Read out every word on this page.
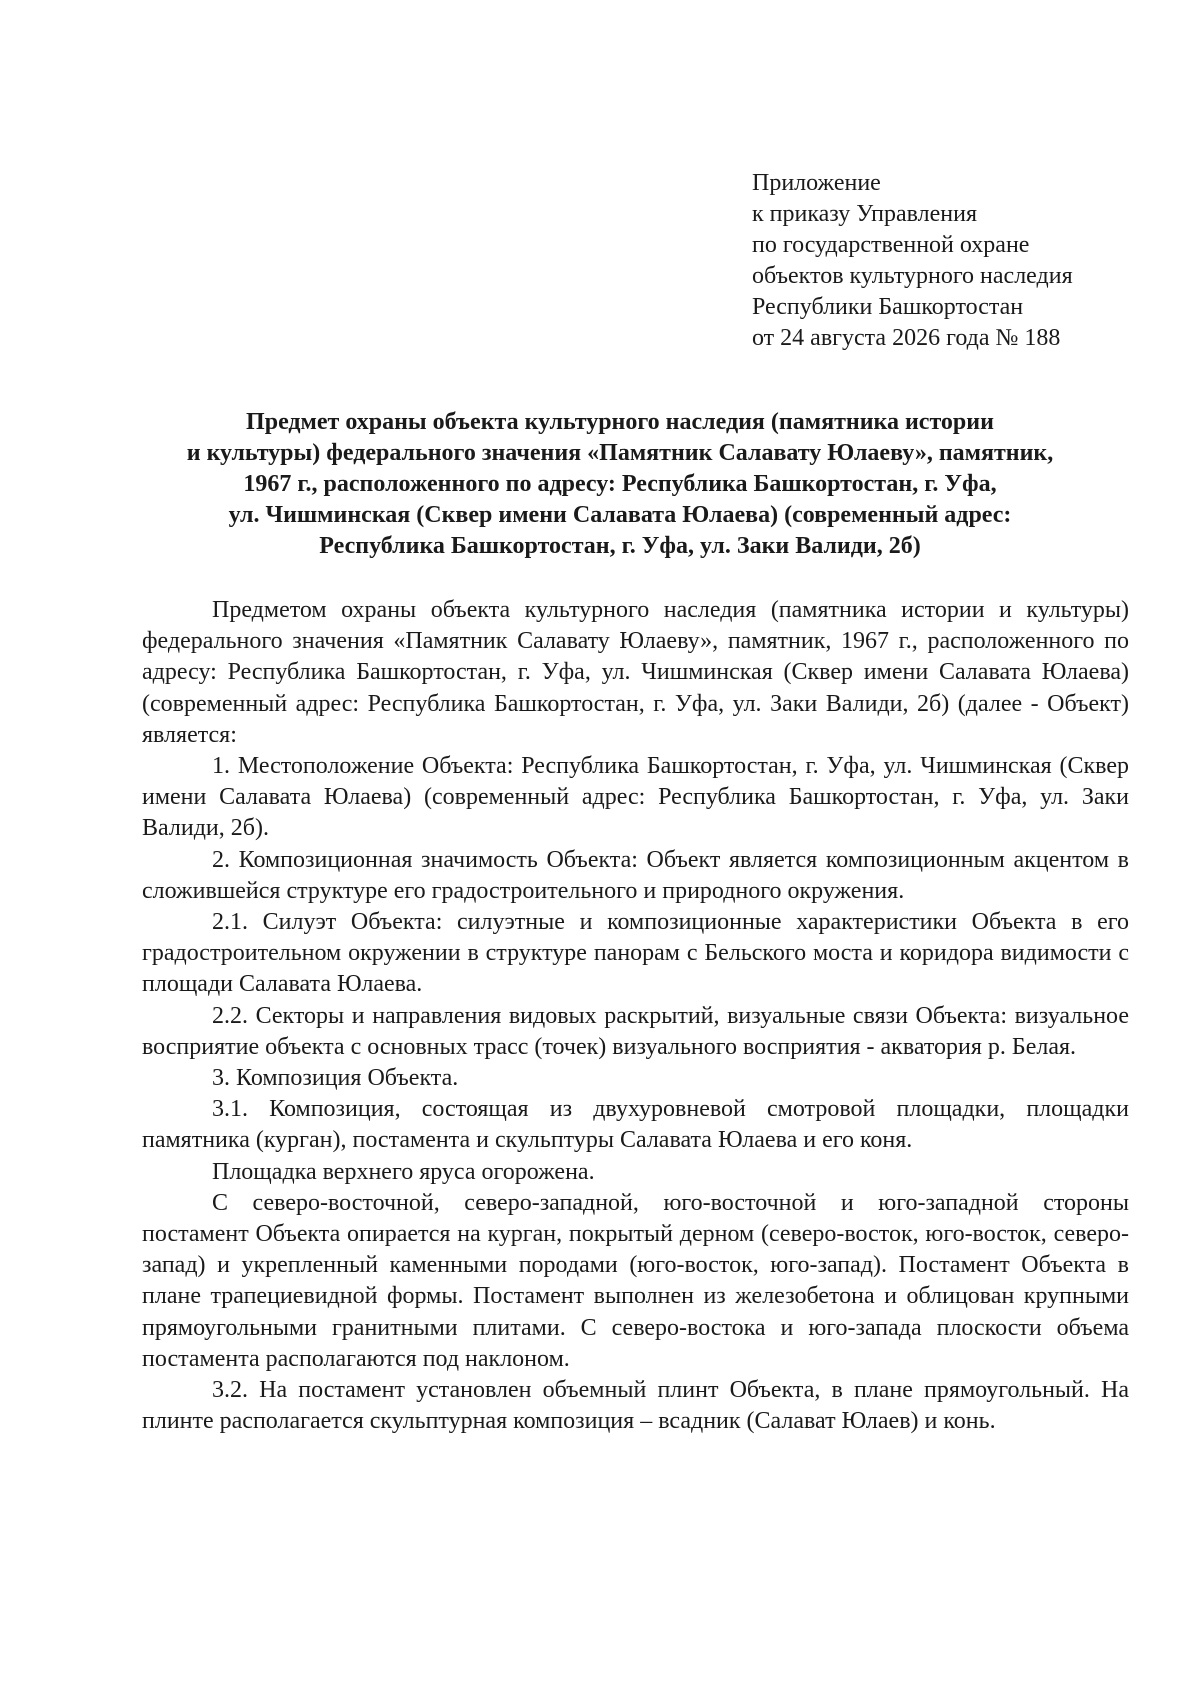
Приложение
к приказу Управления
по государственной охране
объектов культурного наследия
Республики Башкортостан
от 24 августа 2026 года № 188
Предмет охраны объекта культурного наследия (памятника истории
и культуры) федерального значения «Памятник Салавату Юлаеву», памятник,
1967 г., расположенного по адресу: Республика Башкортостан, г. Уфа,
ул. Чишминская (Сквер имени Салавата Юлаева) (современный адрес:
Республика Башкортостан, г. Уфа, ул. Заки Валиди, 2б)

Предметом охраны объекта культурного наследия (памятника истории и культуры) федерального значения «Памятник Салавату Юлаеву», памятник, 1967 г., расположенного по адресу: Республика Башкортостан, г. Уфа, ул. Чишминская (Сквер имени Салавата Юлаева) (современный адрес: Республика Башкортостан, г. Уфа, ул. Заки Валиди, 2б) (далее - Объект) является:

1. Местоположение Объекта: Республика Башкортостан, г. Уфа, ул. Чишминская (Сквер имени Салавата Юлаева) (современный адрес: Республика Башкортостан, г. Уфа, ул. Заки Валиди, 2б).

2. Композиционная значимость Объекта: Объект является композиционным акцентом в сложившейся структуре его градостроительного и природного окружения.

2.1. Силуэт Объекта: силуэтные и композиционные характеристики Объекта в его градостроительном окружении в структуре панорам с Бельского моста и коридора видимости с площади Салавата Юлаева.

2.2. Секторы и направления видовых раскрытий, визуальные связи Объекта: визуальное восприятие объекта с основных трасс (точек) визуального восприятия - акватория р. Белая.

3. Композиция Объекта.

3.1. Композиция, состоящая из двухуровневой смотровой площадки, площадки памятника (курган), постамента и скульптуры Салавата Юлаева и его коня.

Площадка верхнего яруса огорожена.

С северо-восточной, северо-западной, юго-восточной и юго-западной стороны постамент Объекта опирается на курган, покрытый дерном (северо-восток, юго-восток, северо-запад) и укрепленный каменными породами (юго-восток, юго-запад). Постамент Объекта в плане трапециевидной формы. Постамент выполнен из железобетона и облицован крупными прямоугольными гранитными плитами. С северо-востока и юго-запада плоскости объема постамента располагаются под наклоном.

3.2. На постамент установлен объемный плинт Объекта, в плане прямоугольный. На плинте располагается скульптурная композиция – всадник (Салават Юлаев) и конь.
